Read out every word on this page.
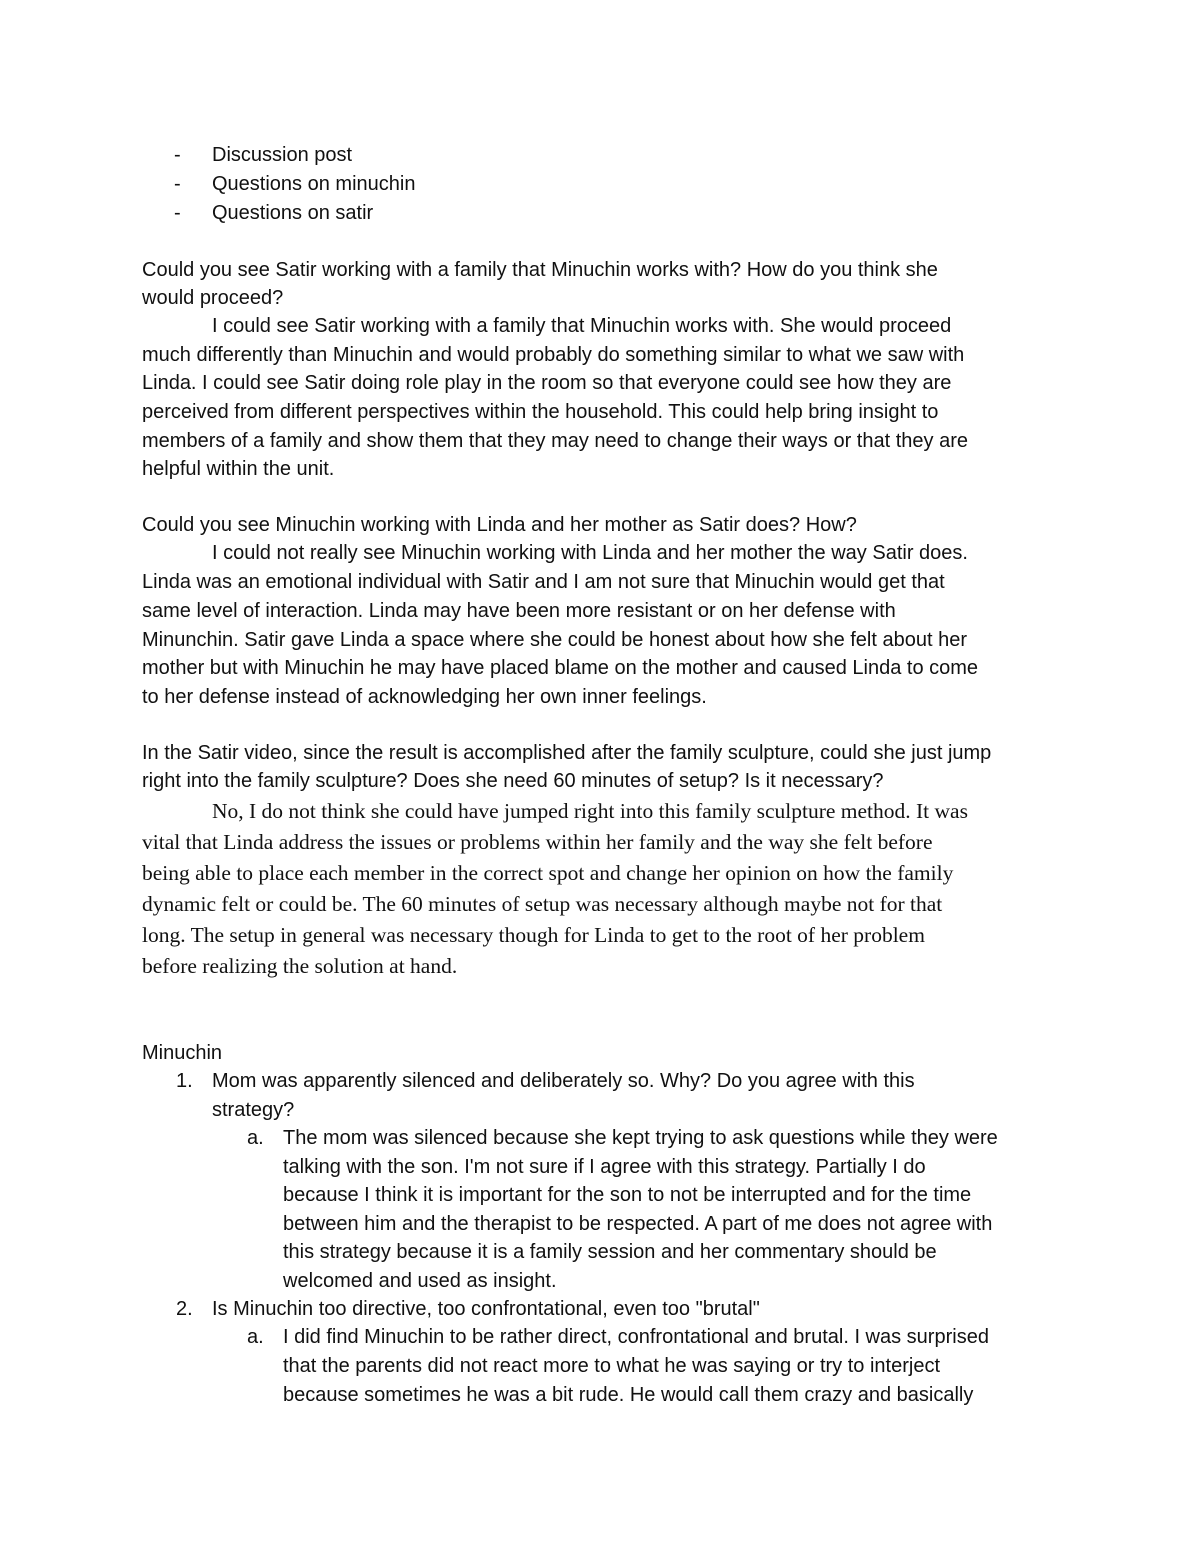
- Discussion post
- Questions on minuchin
- Questions on satir
Could you see Satir working with a family that Minuchin works with? How do you think she
would proceed?
I could see Satir working with a family that Minuchin works with. She would proceed
much differently than Minuchin and would probably do something similar to what we saw with
Linda. I could see Satir doing role play in the room so that everyone could see how they are
perceived from different perspectives within the household. This could help bring insight to
members of a family and show them that they may need to change their ways or that they are
helpful within the unit.
Could you see Minuchin working with Linda and her mother as Satir does? How?
I could not really see Minuchin working with Linda and her mother the way Satir does.
Linda was an emotional individual with Satir and I am not sure that Minuchin would get that
same level of interaction. Linda may have been more resistant or on her defense with
Minunchin. Satir gave Linda a space where she could be honest about how she felt about her
mother but with Minuchin he may have placed blame on the mother and caused Linda to come
to her defense instead of acknowledging her own inner feelings.
In the Satir video, since the result is accomplished after the family sculpture, could she just jump
right into the family sculpture? Does she need 60 minutes of setup? Is it necessary?
No, I do not think she could have jumped right into this family sculpture method. It was
vital that Linda address the issues or problems within her family and the way she felt before
being able to place each member in the correct spot and change her opinion on how the family
dynamic felt or could be. The 60 minutes of setup was necessary although maybe not for that
long. The setup in general was necessary though for Linda to get to the root of her problem
before realizing the solution at hand.
Minuchin
1. Mom was apparently silenced and deliberately so. Why? Do you agree with this
strategy?
a. The mom was silenced because she kept trying to ask questions while they were
talking with the son. I'm not sure if I agree with this strategy. Partially I do
because I think it is important for the son to not be interrupted and for the time
between him and the therapist to be respected. A part of me does not agree with
this strategy because it is a family session and her commentary should be
welcomed and used as insight.
2. Is Minuchin too directive, too confrontational, even too "brutal"
a. I did find Minuchin to be rather direct, confrontational and brutal. I was surprised
that the parents did not react more to what he was saying or try to interject
because sometimes he was a bit rude. He would call them crazy and basically
